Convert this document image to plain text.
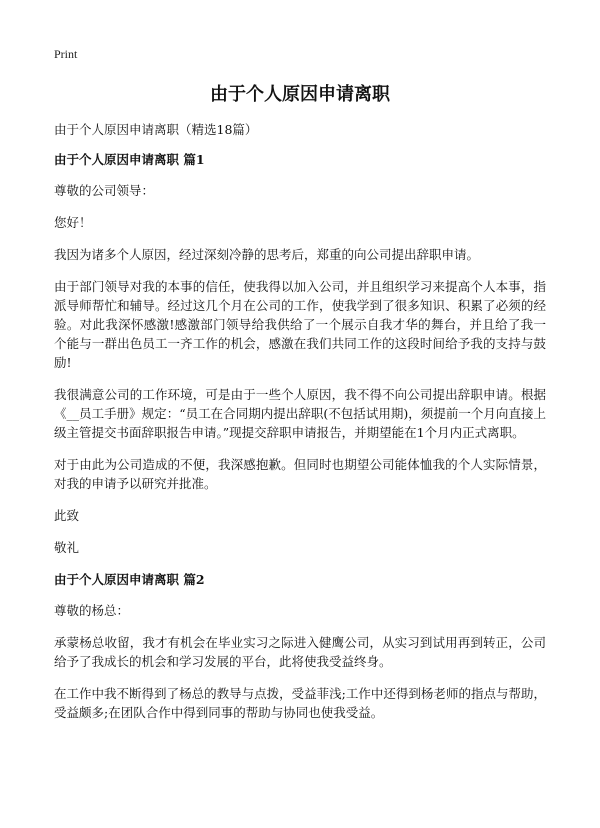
Print
由于个人原因申请离职

由于个人原因申请离职（精选18篇）

由于个人原因申请离职 篇1

尊敬的公司领导：

您好！

我因为诸多个人原因，经过深刻冷静的思考后，郑重的向公司提出辞职申请。

由于部门领导对我的本事的信任，使我得以加入公司，并且组织学习来提高个人本事，指派导师帮忙和辅导。经过这几个月在公司的工作，使我学到了很多知识、积累了必须的经验。对此我深怀感激!感激部门领导给我供给了一个展示自我才华的舞台，并且给了我一个能与一群出色员工一齐工作的机会，感激在我们共同工作的这段时间给予我的支持与鼓励!

我很满意公司的工作环境，可是由于一些个人原因，我不得不向公司提出辞职申请。根据《__员工手册》规定：“员工在合同期内提出辞职(不包括试用期)，须提前一个月向直接上级主管提交书面辞职报告申请。”现提交辞职申请报告，并期望能在1个月内正式离职。

对于由此为公司造成的不便，我深感抱歉。但同时也期望公司能体恤我的个人实际情景，对我的申请予以研究并批准。

此致

敬礼

由于个人原因申请离职 篇2

尊敬的杨总：

承蒙杨总收留，我才有机会在毕业实习之际进入健鹰公司，从实习到试用再到转正，公司给予了我成长的机会和学习发展的平台，此将使我受益终身。

在工作中我不断得到了杨总的教导与点拨，受益菲浅;工作中还得到杨老师的指点与帮助，受益颇多;在团队合作中得到同事的帮助与协同也使我受益。
